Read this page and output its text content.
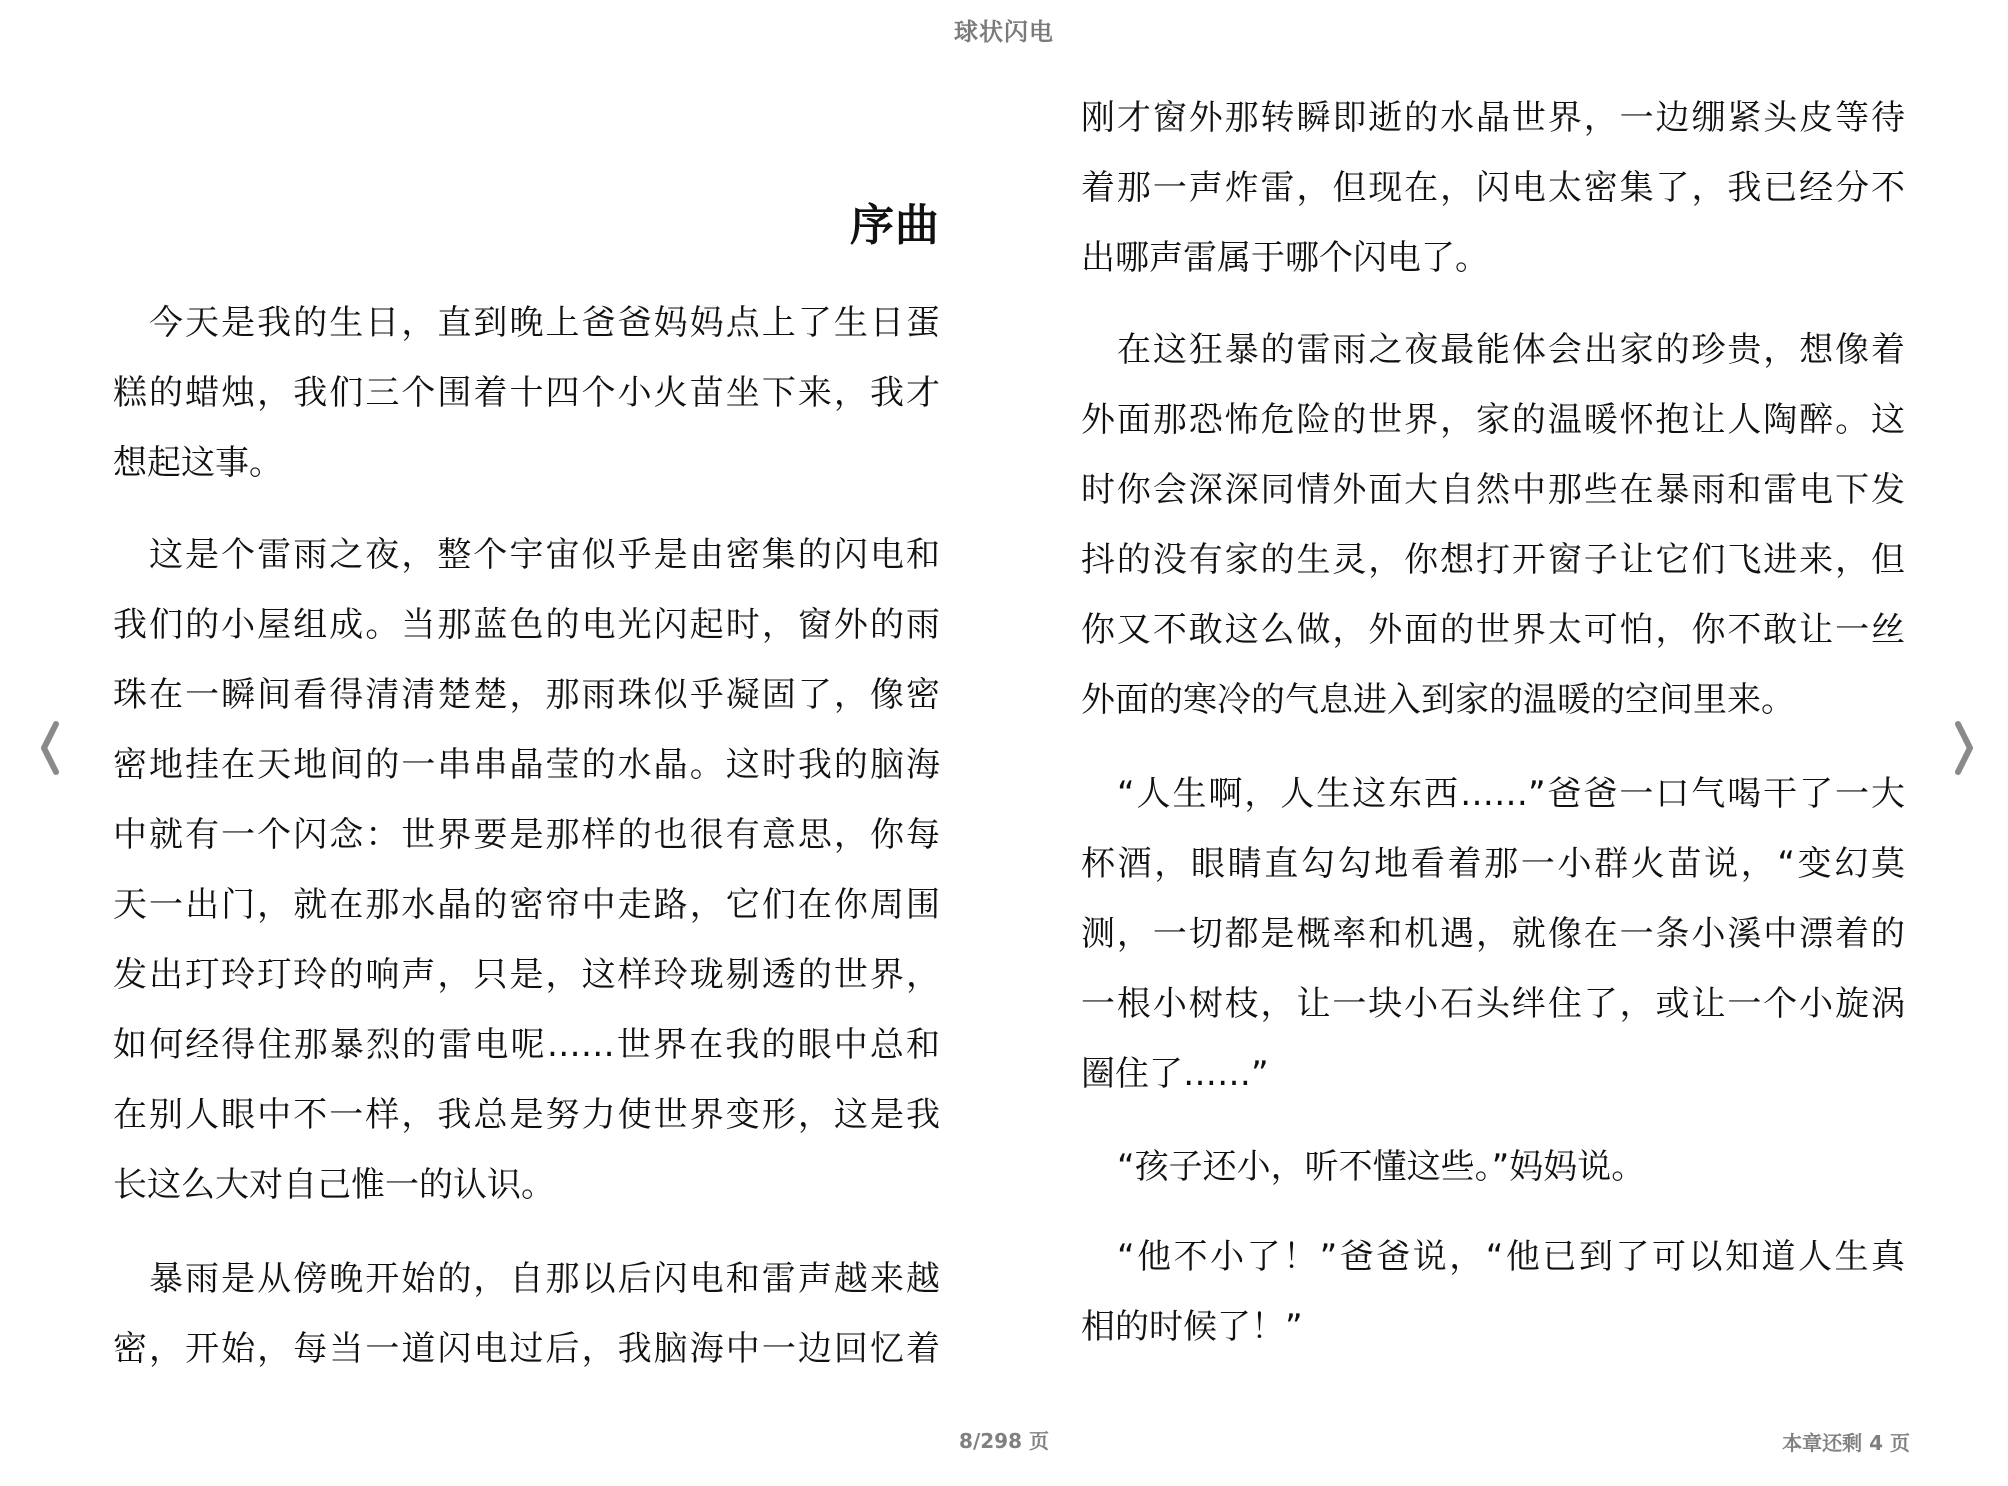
球状闪电
序曲
今天是我的生日，直到晚上爸爸妈妈点上了生日蛋
糕的蜡烛，我们三个围着十四个小火苗坐下来，我才
想起这事。
这是个雷雨之夜，整个宇宙似乎是由密集的闪电和
我们的小屋组成。当那蓝色的电光闪起时，窗外的雨
珠在一瞬间看得清清楚楚，那雨珠似乎凝固了，像密
密地挂在天地间的一串串晶莹的水晶。这时我的脑海
中就有一个闪念：世界要是那样的也很有意思，你每
天一出门，就在那水晶的密帘中走路，它们在你周围
发出玎玲玎玲的响声，只是，这样玲珑剔透的世界，
如何经得住那暴烈的雷电呢……世界在我的眼中总和
在别人眼中不一样，我总是努力使世界变形，这是我
长这么大对自己惟一的认识。
暴雨是从傍晚开始的，自那以后闪电和雷声越来越
密，开始，每当一道闪电过后，我脑海中一边回忆着
刚才窗外那转瞬即逝的水晶世界，一边绷紧头皮等待
着那一声炸雷，但现在，闪电太密集了，我已经分不
出哪声雷属于哪个闪电了。
在这狂暴的雷雨之夜最能体会出家的珍贵，想像着
外面那恐怖危险的世界，家的温暖怀抱让人陶醉。这
时你会深深同情外面大自然中那些在暴雨和雷电下发
抖的没有家的生灵，你想打开窗子让它们飞进来，但
你又不敢这么做，外面的世界太可怕，你不敢让一丝
外面的寒冷的气息进入到家的温暖的空间里来。
“人生啊，人生这东西……”爸爸一口气喝干了一大
杯酒，眼睛直勾勾地看着那一小群火苗说，“变幻莫
测，一切都是概率和机遇，就像在一条小溪中漂着的
一根小树枝，让一块小石头绊住了，或让一个小旋涡
圈住了……”
“孩子还小，听不懂这些。”妈妈说。
“他不小了！”爸爸说，“他已到了可以知道人生真
相的时候了！”
8/298 页	本章还剩 4 页
